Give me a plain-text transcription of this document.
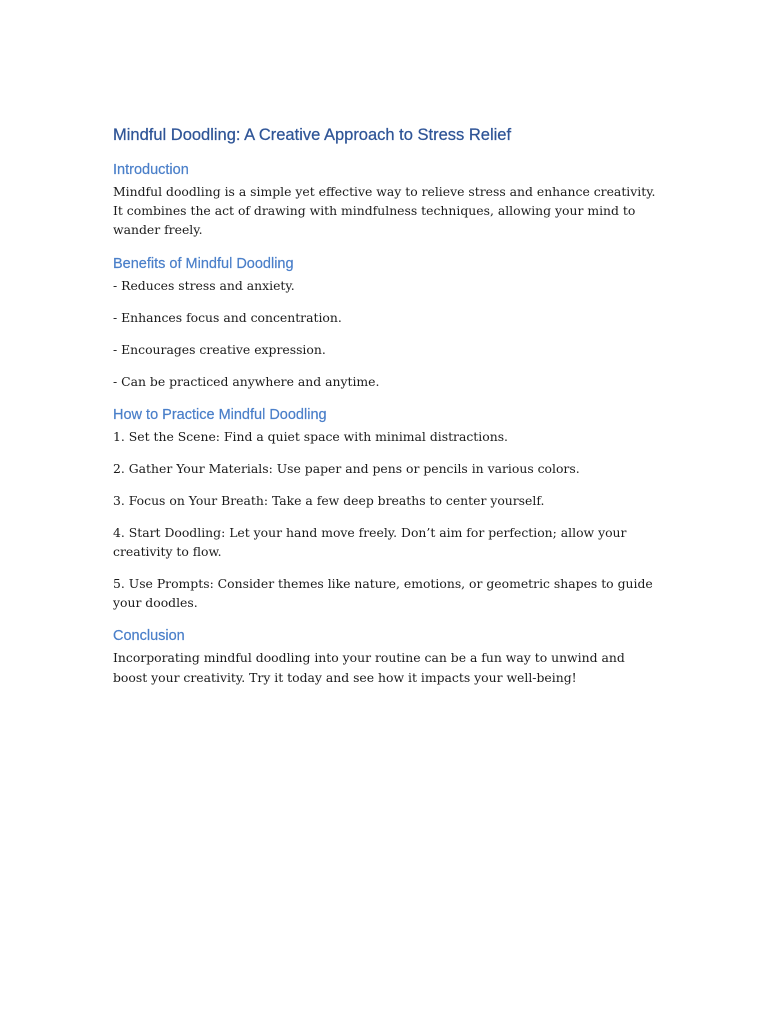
Mindful Doodling: A Creative Approach to Stress Relief
Introduction

Mindful doodling is a simple yet effective way to relieve stress and enhance creativity. It combines the act of drawing with mindfulness techniques, allowing your mind to wander freely.

Benefits of Mindful Doodling

- Reduces stress and anxiety.

- Enhances focus and concentration.

- Encourages creative expression.

- Can be practiced anywhere and anytime.

How to Practice Mindful Doodling

1. Set the Scene: Find a quiet space with minimal distractions.

2. Gather Your Materials: Use paper and pens or pencils in various colors.

3. Focus on Your Breath: Take a few deep breaths to center yourself.

4. Start Doodling: Let your hand move freely. Don’t aim for perfection; allow your creativity to flow.

5. Use Prompts: Consider themes like nature, emotions, or geometric shapes to guide your doodles.

Conclusion

Incorporating mindful doodling into your routine can be a fun way to unwind and boost your creativity. Try it today and see how it impacts your well-being!
